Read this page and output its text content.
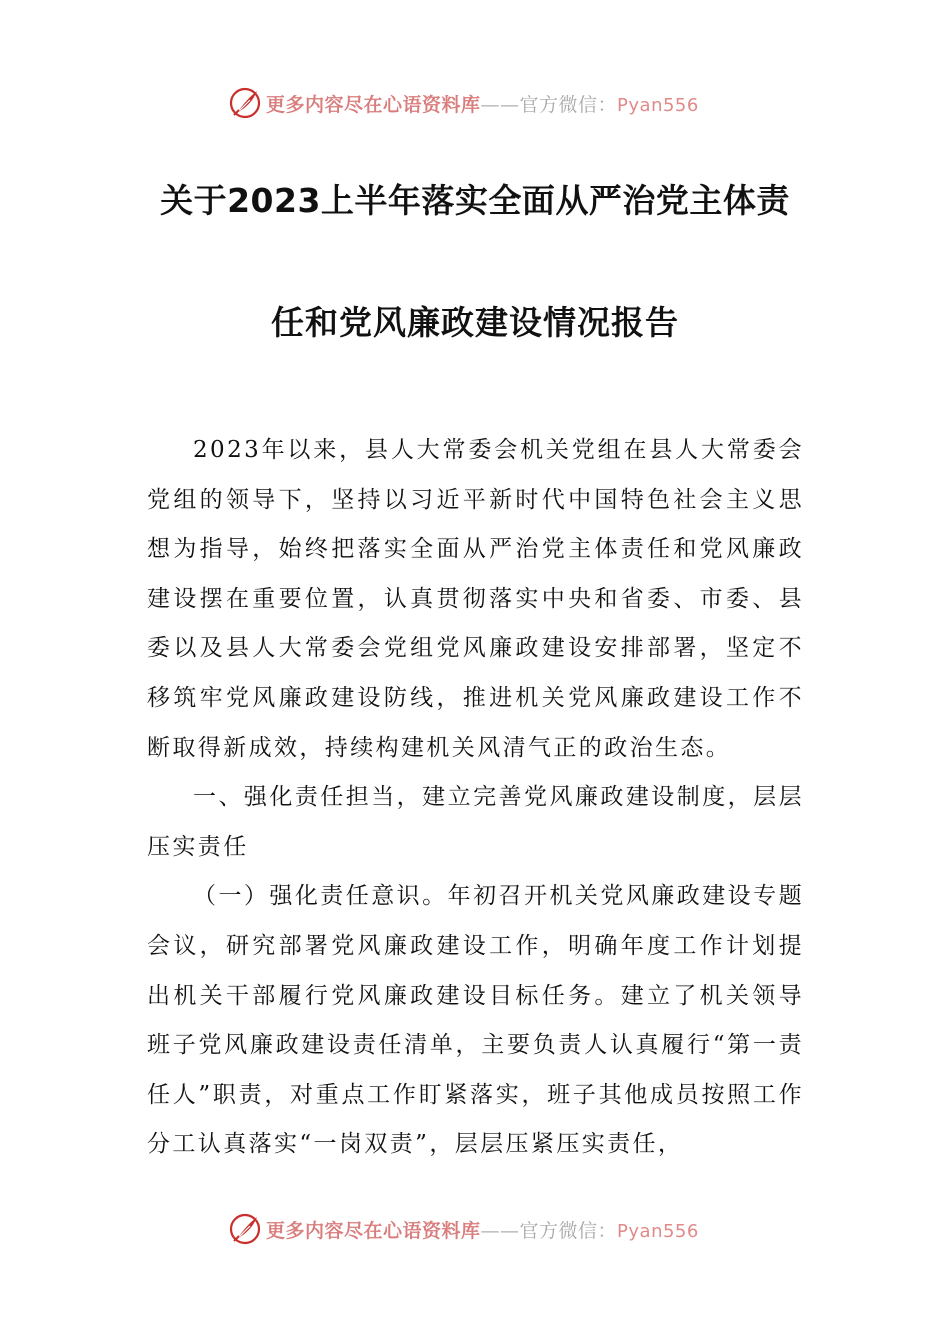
更多内容尽在心语资料库——官方微信：Pyan556
关于2023上半年落实全面从严治党主体责
任和党风廉政建设情况报告

2023年以来，县人大常委会机关党组在县人大常委会党组的领导下，坚持以习近平新时代中国特色社会主义思想为指导，始终把落实全面从严治党主体责任和党风廉政建设摆在重要位置，认真贯彻落实中央和省委、市委、县委以及县人大常委会党组党风廉政建设安排部署，坚定不移筑牢党风廉政建设防线，推进机关党风廉政建设工作不断取得新成效，持续构建机关风清气正的政治生态。

一、强化责任担当，建立完善党风廉政建设制度，层层压实责任

（一）强化责任意识。年初召开机关党风廉政建设专题会议，研究部署党风廉政建设工作，明确年度工作计划提出机关干部履行党风廉政建设目标任务。建立了机关领导班子党风廉政建设责任清单，主要负责人认真履行“第一责任人”职责，对重点工作盯紧落实，班子其他成员按照工作分工认真落实“一岗双责”，层层压紧压实责任，

更多内容尽在心语资料库——官方微信：Pyan556
